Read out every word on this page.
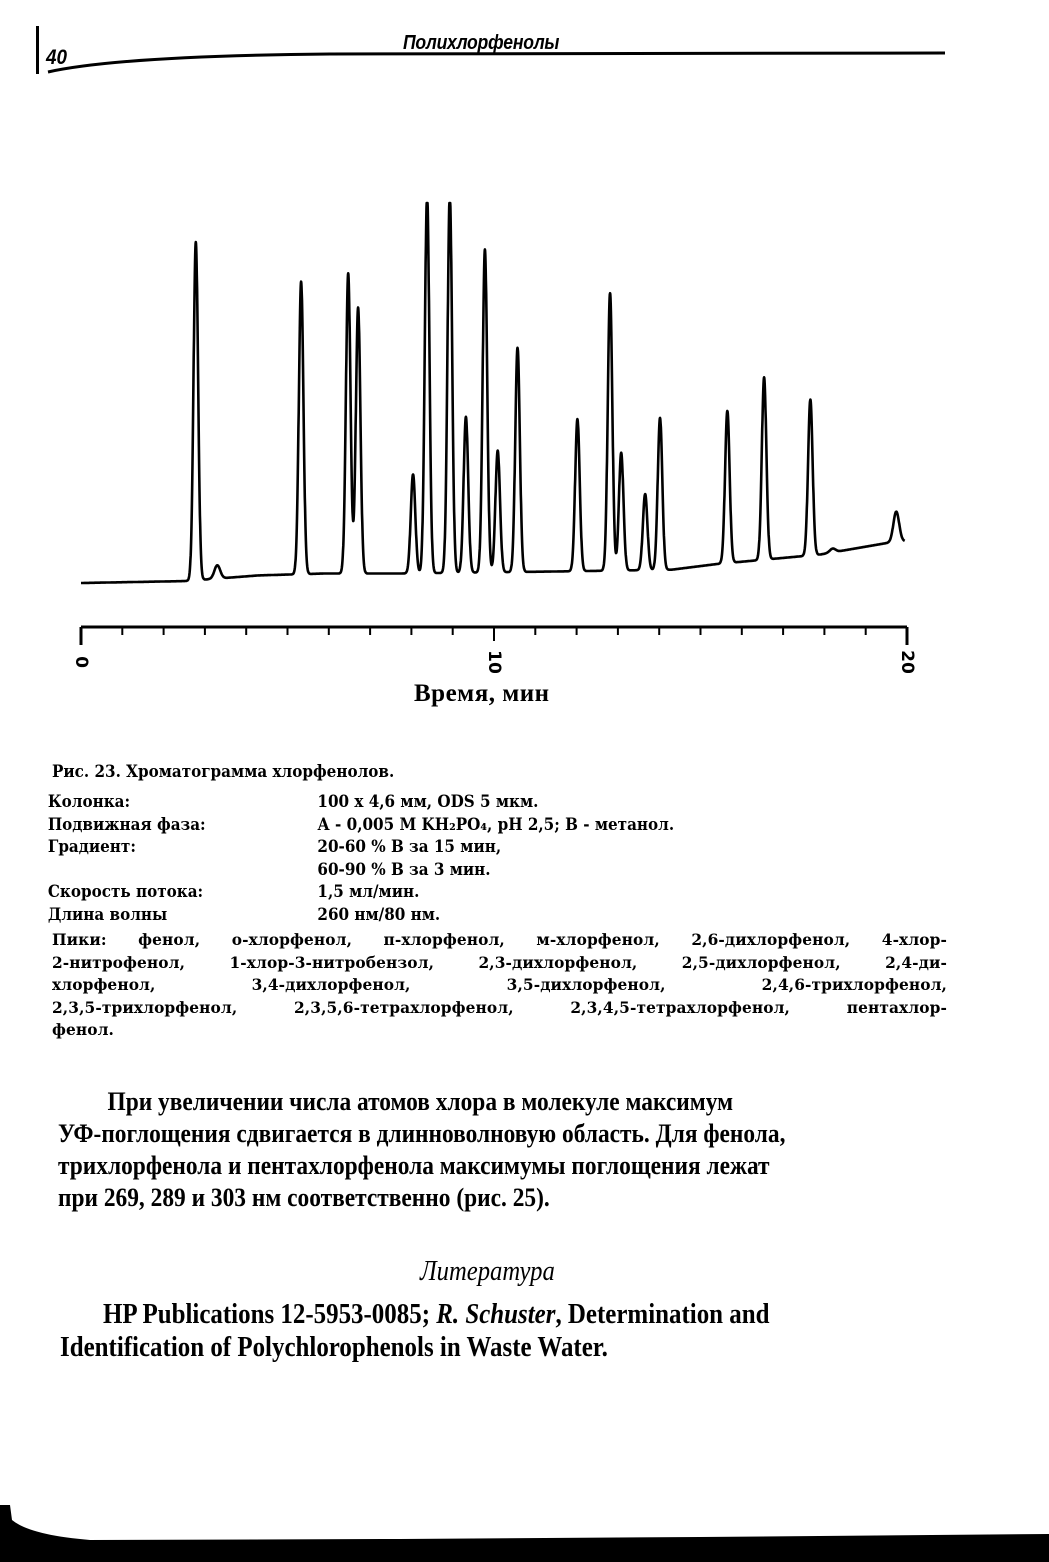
40
Полихлорфенолы
0	10	20
Время, мин
Рис. 23. Хроматограмма хлорфенолов.
Колонка:	100 х 4,6 мм, ODS 5 мкм.
Подвижная фаза:	А - 0,005 М KH₂PO₄, pH 2,5; В - метанол.
Градиент:	20-60 % В за 15 мин,
60-90 % В за 3 мин.
Скорость потока:	1,5 мл/мин.
Длина волны	260 нм/80 нм.
Пики: фенол, о-хлорфенол, п-хлорфенол, м-хлорфенол, 2,6-дихлорфенол, 4-хлор-
2-нитрофенол, 1-хлор-3-нитробензол, 2,3-дихлорфенол, 2,5-дихлорфенол, 2,4-ди-
хлорфенол, 3,4-дихлорфенол, 3,5-дихлорфенол, 2,4,6-трихлорфенол,
2,3,5-трихлорфенол, 2,3,5,6-тетрахлорфенол, 2,3,4,5-тетрахлорфенол, пентахлор-
фенол.
При увеличении числа атомов хлора в молекуле максимум
УФ-поглощения сдвигается в длинноволновую область. Для фенола,
трихлорфенола и пентахлорфенола максимумы поглощения лежат
при 269, 289 и 303 нм соответственно (рис. 25).
Литература
HP Publications 12-5953-0085; R. Schuster, Determination and
Identification of Polychlorophenols in Waste Water.
